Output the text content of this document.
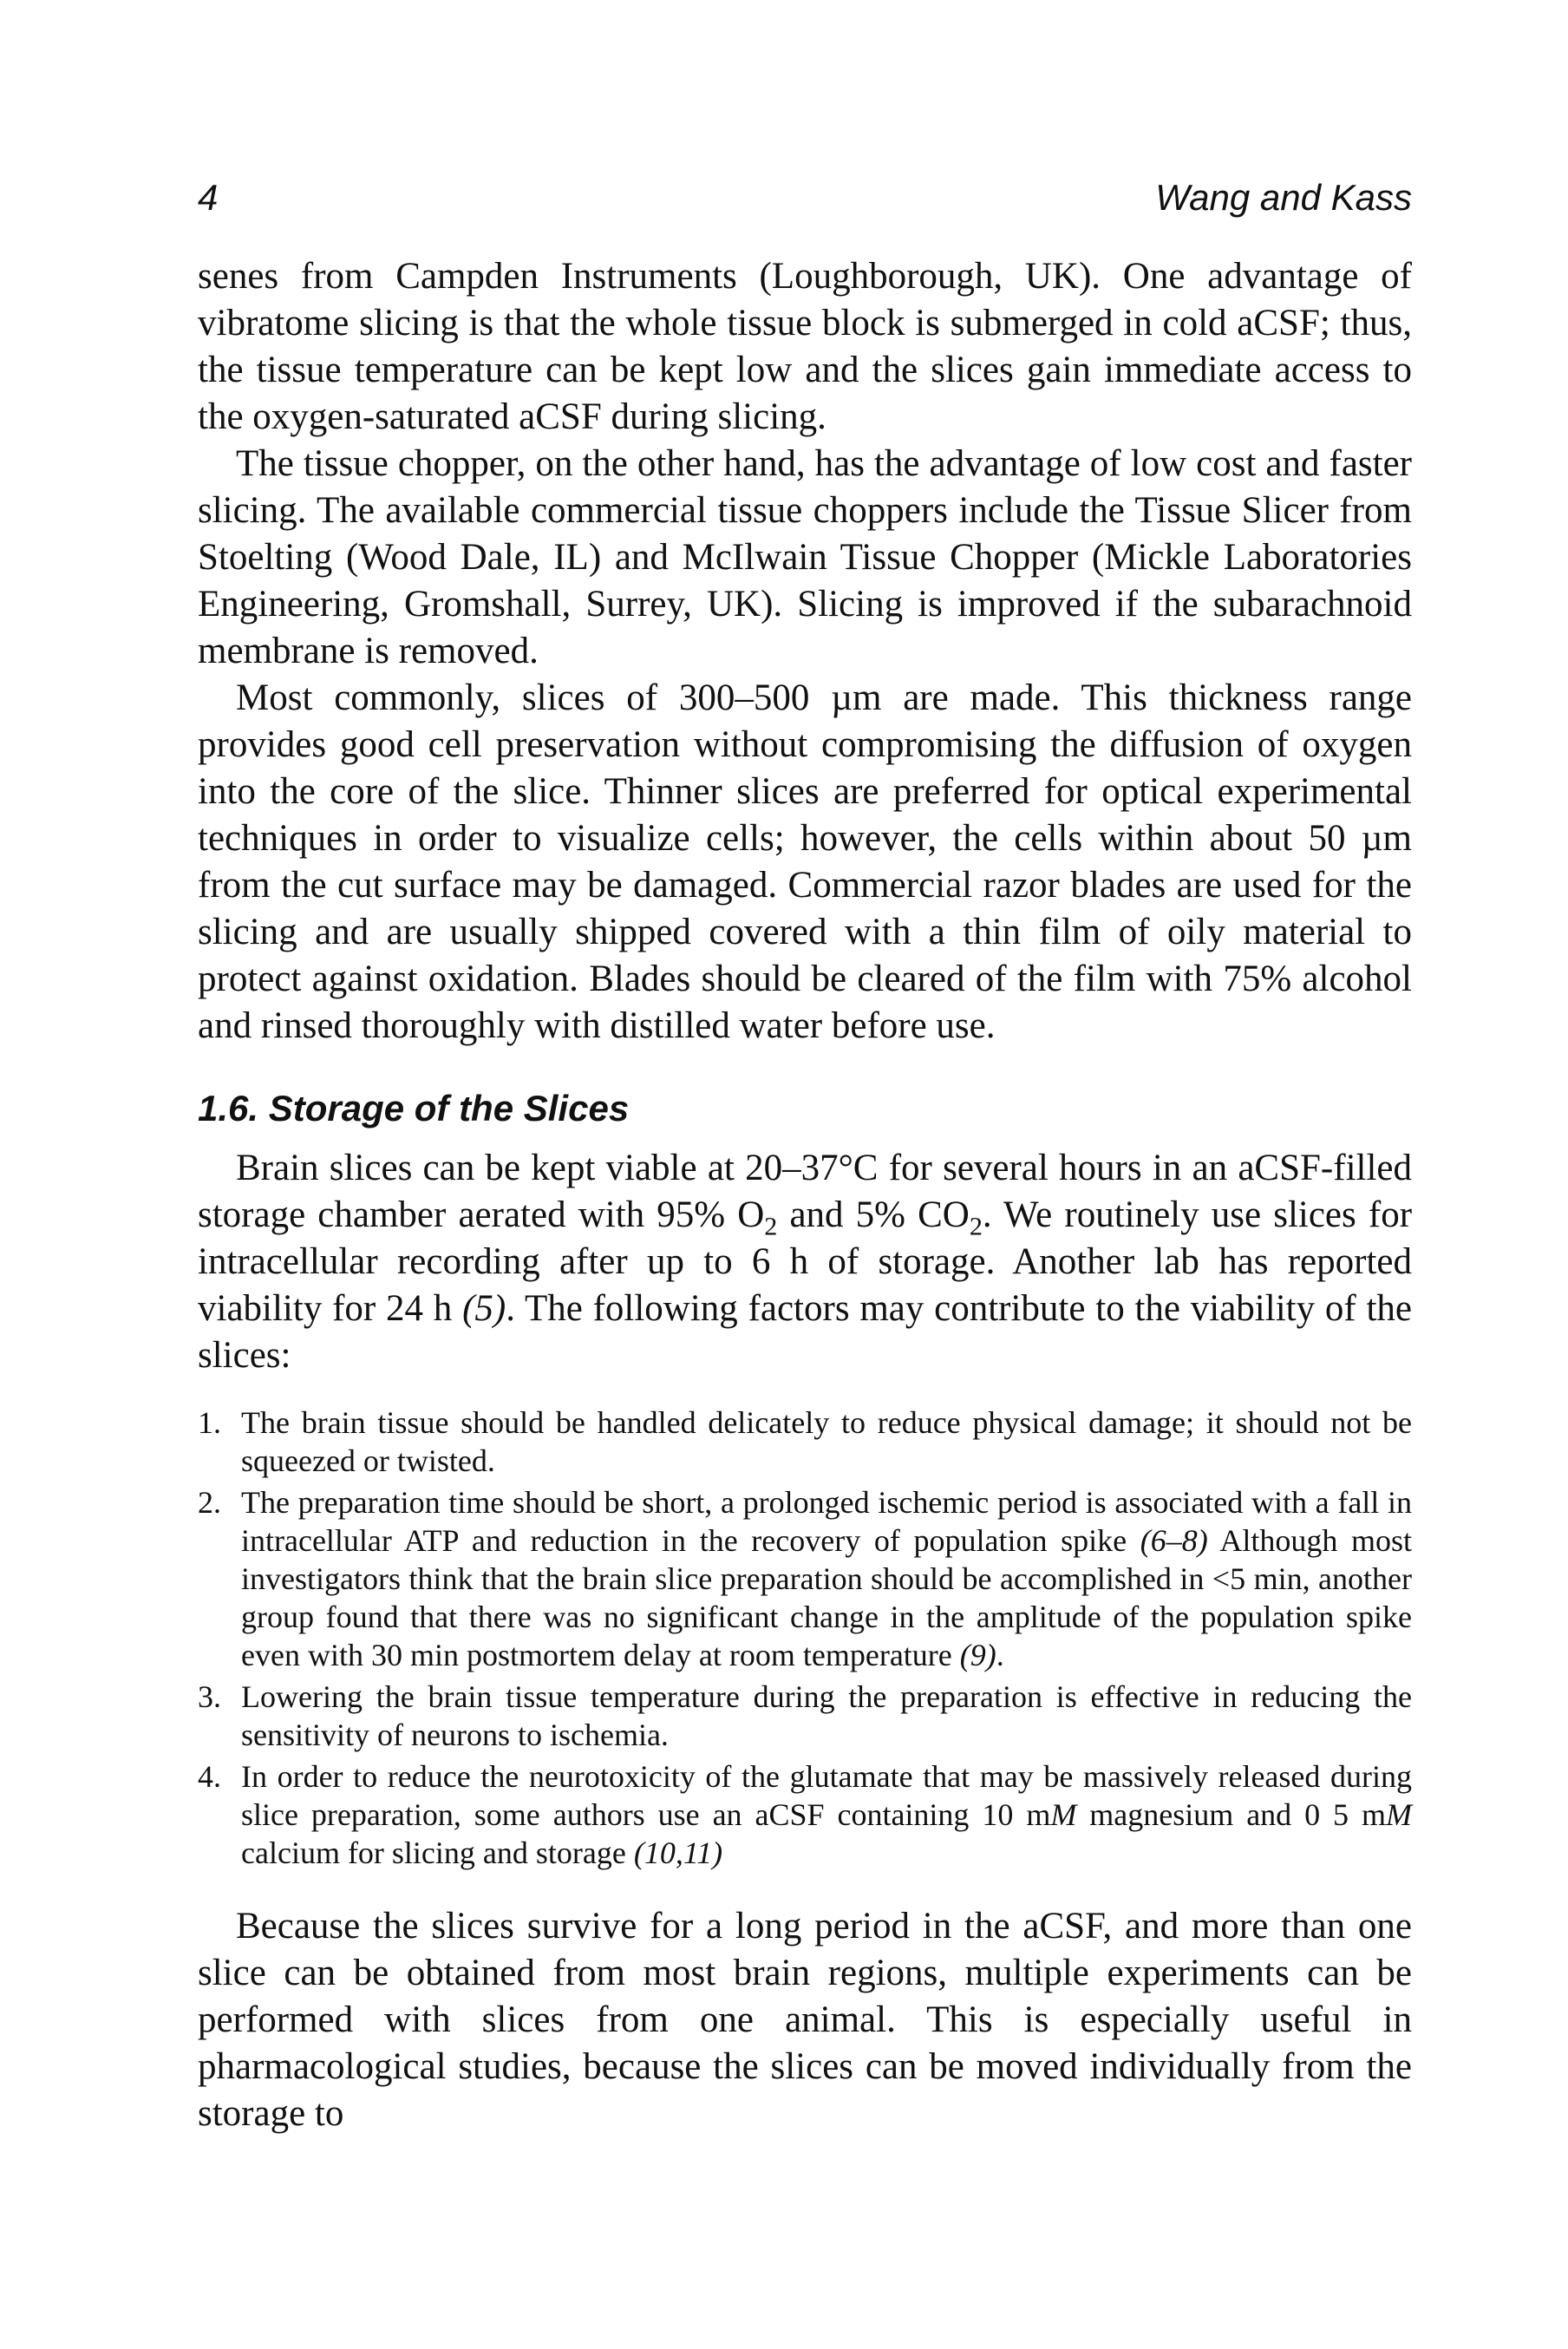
4	Wang and Kass

senes from Campden Instruments (Loughborough, UK). One advantage of vibratome slicing is that the whole tissue block is submerged in cold aCSF; thus, the tissue temperature can be kept low and the slices gain immediate access to the oxygen-saturated aCSF during slicing.

The tissue chopper, on the other hand, has the advantage of low cost and faster slicing. The available commercial tissue choppers include the Tissue Slicer from Stoelting (Wood Dale, IL) and McIlwain Tissue Chopper (Mickle Laboratories Engineering, Gromshall, Surrey, UK). Slicing is improved if the subarachnoid membrane is removed.

Most commonly, slices of 300–500 µm are made. This thickness range provides good cell preservation without compromising the diffusion of oxygen into the core of the slice. Thinner slices are preferred for optical experimental techniques in order to visualize cells; however, the cells within about 50 µm from the cut surface may be damaged. Commercial razor blades are used for the slicing and are usually shipped covered with a thin film of oily material to protect against oxidation. Blades should be cleared of the film with 75% alcohol and rinsed thoroughly with distilled water before use.

1.6. Storage of the Slices

Brain slices can be kept viable at 20–37°C for several hours in an aCSF-filled storage chamber aerated with 95% $O_2$ and 5% $CO_2$. We routinely use slices for intracellular recording after up to 6 h of storage. Another lab has reported viability for 24 h (5). The following factors may contribute to the viability of the slices:

1. The brain tissue should be handled delicately to reduce physical damage; it should not be squeezed or twisted.
2. The preparation time should be short, a prolonged ischemic period is associated with a fall in intracellular ATP and reduction in the recovery of population spike (6–8) Although most investigators think that the brain slice preparation should be accomplished in <5 min, another group found that there was no significant change in the amplitude of the population spike even with 30 min postmortem delay at room temperature (9).
3. Lowering the brain tissue temperature during the preparation is effective in reducing the sensitivity of neurons to ischemia.
4. In order to reduce the neurotoxicity of the glutamate that may be massively released during slice preparation, some authors use an aCSF containing 10 mM magnesium and 0 5 mM calcium for slicing and storage (10,11)

Because the slices survive for a long period in the aCSF, and more than one slice can be obtained from most brain regions, multiple experiments can be performed with slices from one animal. This is especially useful in pharmacological studies, because the slices can be moved individually from the storage to
